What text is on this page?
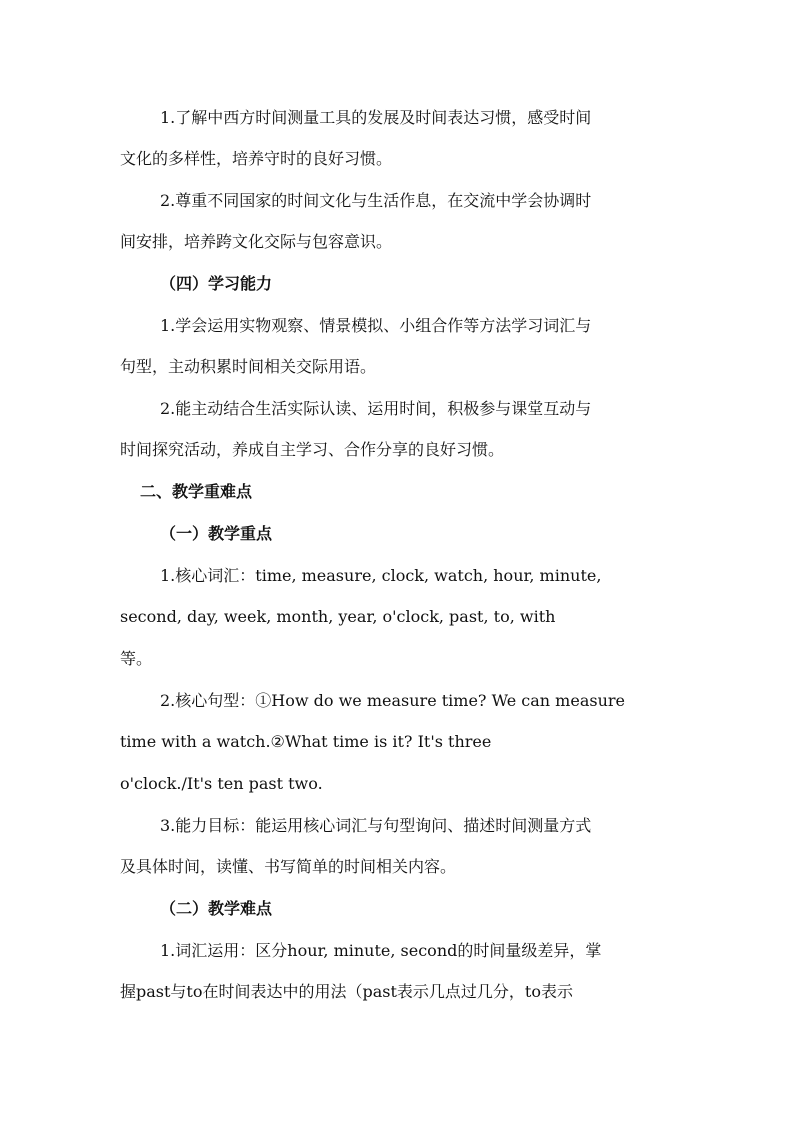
1.了解中西方时间测量工具的发展及时间表达习惯，感受时间
文化的多样性，培养守时的良好习惯。
2.尊重不同国家的时间文化与生活作息，在交流中学会协调时
间安排，培养跨文化交际与包容意识。
（四）学习能力
1.学会运用实物观察、情景模拟、小组合作等方法学习词汇与
句型，主动积累时间相关交际用语。
2.能主动结合生活实际认读、运用时间，积极参与课堂互动与
时间探究活动，养成自主学习、合作分享的良好习惯。
二、教学重难点
（一）教学重点
1.核心词汇：time, measure, clock, watch, hour, minute,
second, day, week, month, year, o'clock, past, to, with
等。
2.核心句型：①How do we measure time? We can measure
time with a watch.②What time is it? It's three
o'clock./It's ten past two.
3.能力目标：能运用核心词汇与句型询问、描述时间测量方式
及具体时间，读懂、书写简单的时间相关内容。
（二）教学难点
1.词汇运用：区分hour, minute, second的时间量级差异，掌
握past与to在时间表达中的用法（past表示几点过几分，to表示
